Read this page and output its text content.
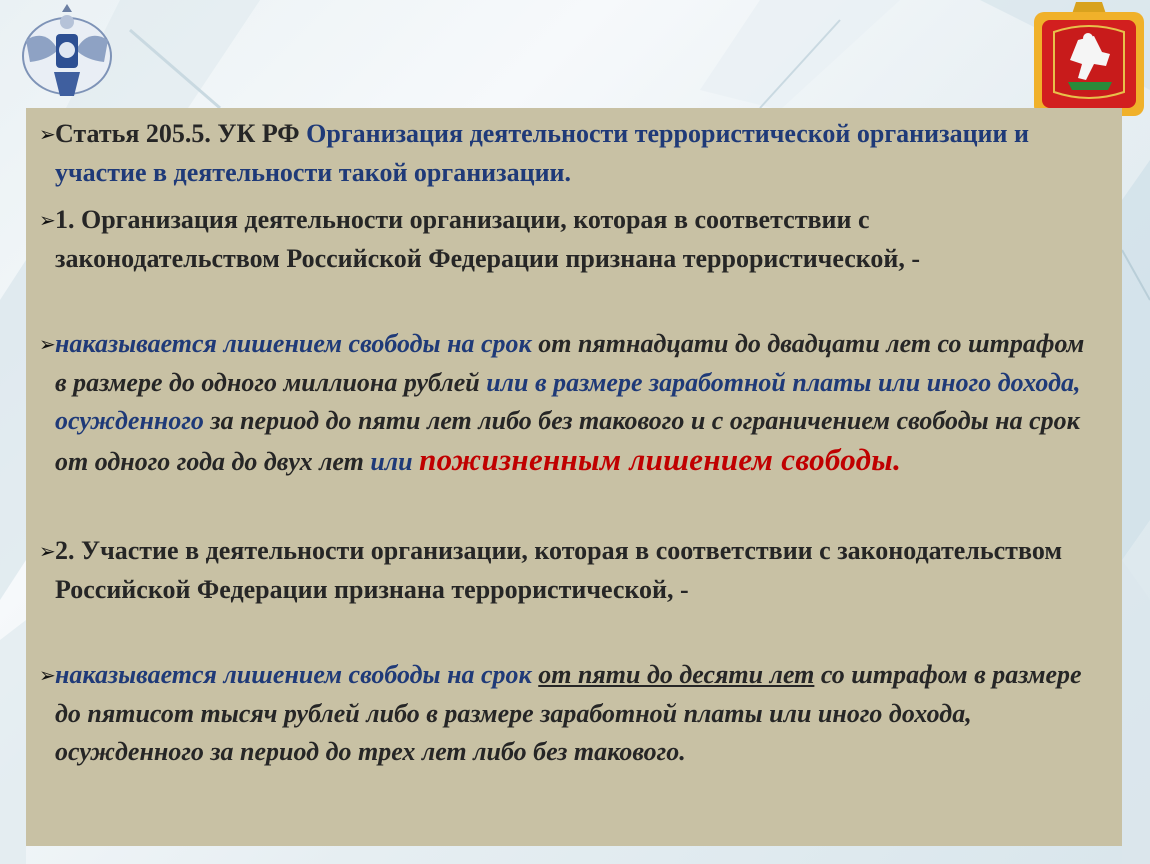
➢ Статья 205.5. УК РФ Организация деятельности террористической организации и участие в деятельности такой организации.
➢ 1. Организация деятельности организации, которая в соответствии с законодательством Российской Федерации признана террористической, -
➢ наказывается лишением свободы на срок от пятнадцати до двадцати лет со штрафом в размере до одного миллиона рублей или в размере заработной платы или иного дохода, осужденного за период до пяти лет либо без такового и с ограничением свободы на срок от одного года до двух лет или пожизненным лишением свободы.
➢ 2. Участие в деятельности организации, которая в соответствии с законодательством Российской Федерации признана террористической, -
➢ наказывается лишением свободы на срок от пяти до десяти лет со штрафом в размере до пятисот тысяч рублей либо в размере заработной платы или иного дохода, осужденного за период до трех лет либо без такового.
